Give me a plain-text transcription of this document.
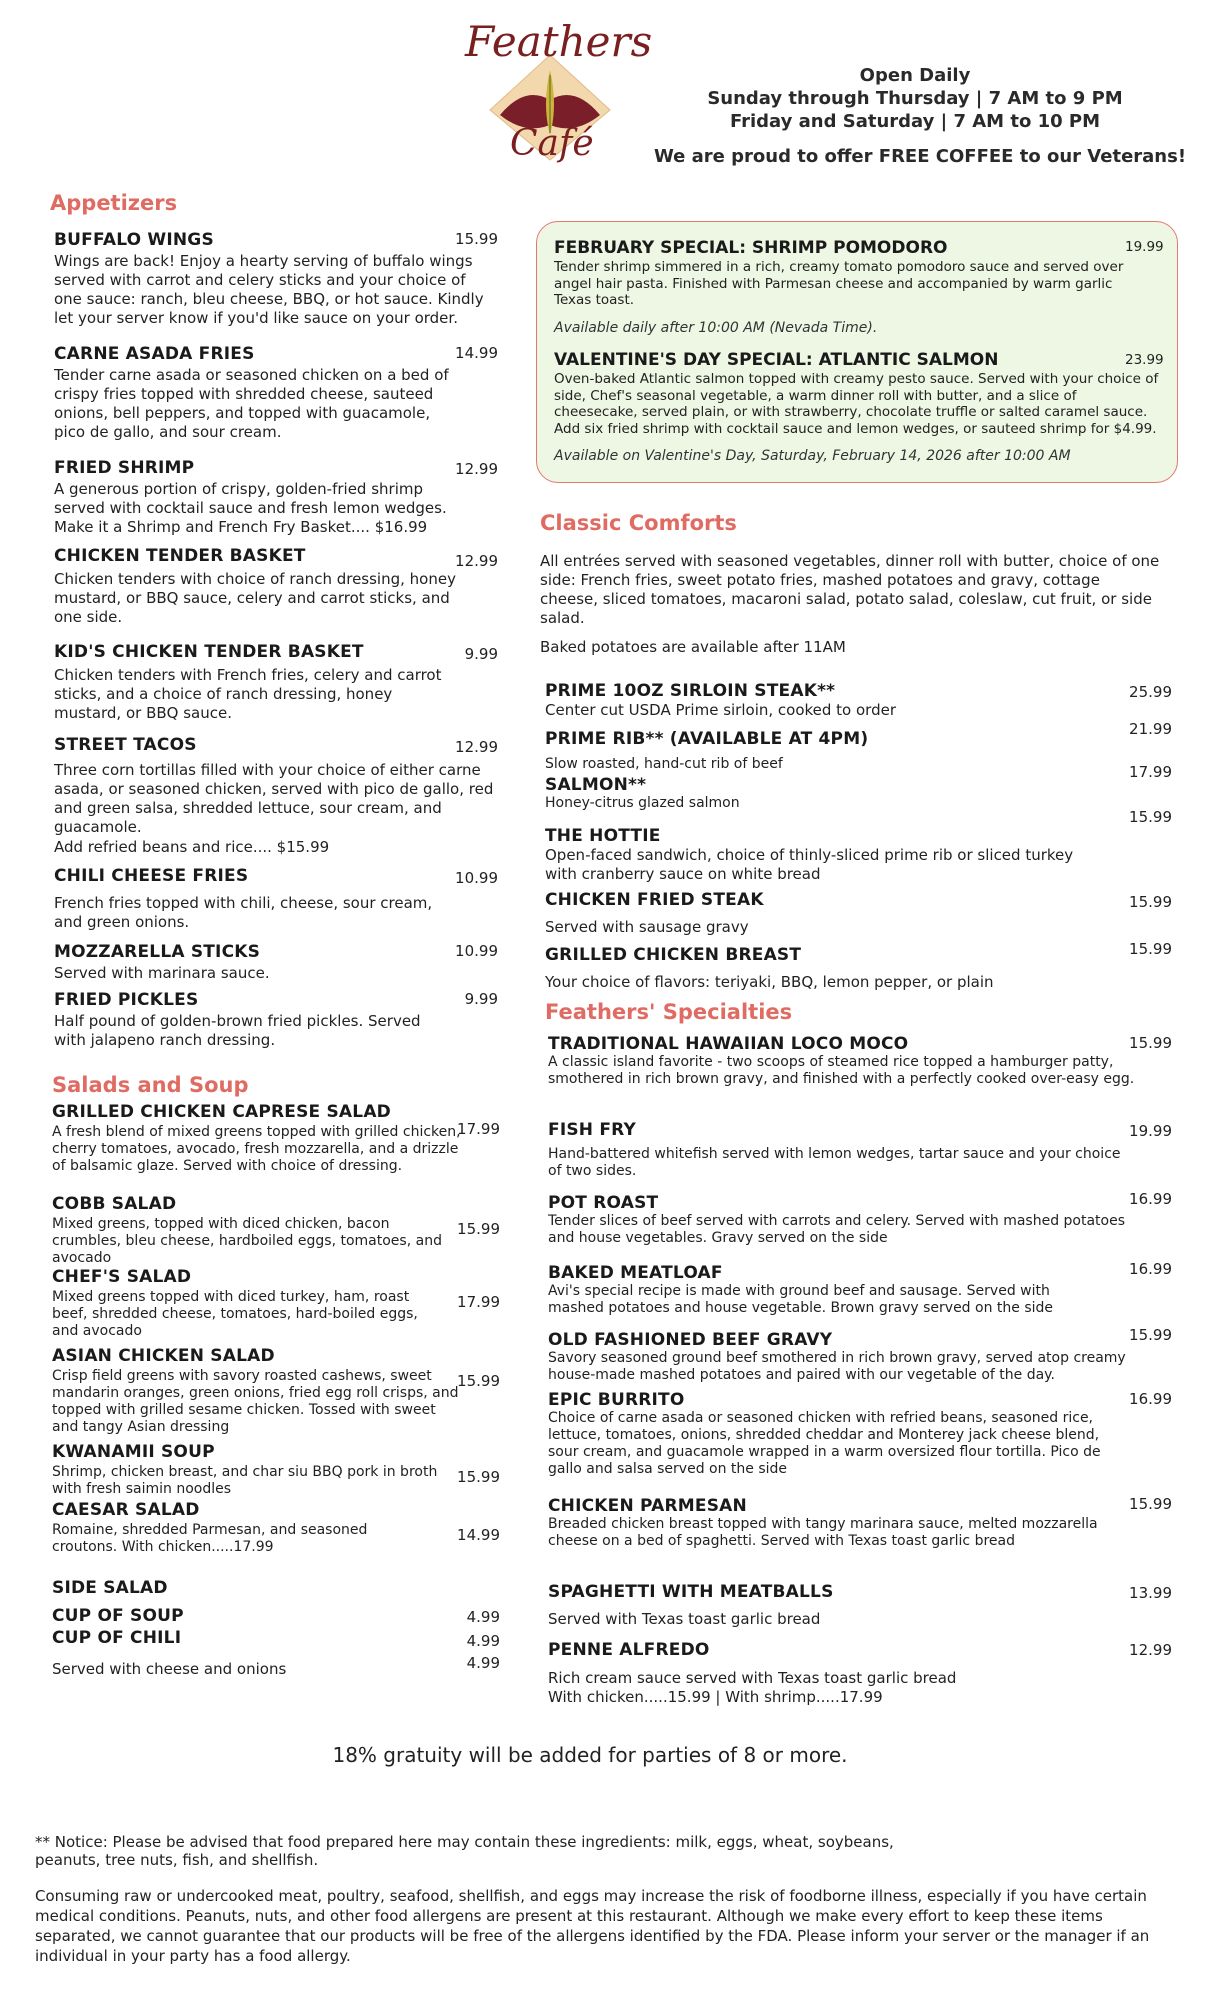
Feathers
Café
Open Daily
Sunday through Thursday | 7 AM to 9 PM
Friday and Saturday | 7 AM to 10 PM
We are proud to offer FREE COFFEE to our Veterans!
Appetizers
BUFFALO WINGS
Wings are back! Enjoy a hearty serving of buffalo wings served with carrot and celery sticks and your choice of one sauce: ranch, bleu cheese, BBQ, or hot sauce. Kindly let your server know if you'd like sauce on your order.
15.99
CARNE ASADA FRIES
Tender carne asada or seasoned chicken on a bed of crispy fries topped with shredded cheese, sauteed onions, bell peppers, and topped with guacamole, pico de gallo, and sour cream.
14.99
FRIED SHRIMP
A generous portion of crispy, golden-fried shrimp served with cocktail sauce and fresh lemon wedges. Make it a Shrimp and French Fry Basket.... $16.99
12.99
CHICKEN TENDER BASKET
Chicken tenders with choice of ranch dressing, honey mustard, or BBQ sauce, celery and carrot sticks, and one side.
12.99
KID'S CHICKEN TENDER BASKET
Chicken tenders with French fries, celery and carrot sticks, and a choice of ranch dressing, honey mustard, or BBQ sauce.
9.99
STREET TACOS
Three corn tortillas filled with your choice of either carne asada, or seasoned chicken, served with pico de gallo, red and green salsa, shredded lettuce, sour cream, and guacamole.
Add refried beans and rice.... $15.99
12.99
CHILI CHEESE FRIES
French fries topped with chili, cheese, sour cream, and green onions.
10.99
MOZZARELLA STICKS
Served with marinara sauce.
10.99
FRIED PICKLES
Half pound of golden-brown fried pickles. Served with jalapeno ranch dressing.
9.99
Salads and Soup
GRILLED CHICKEN CAPRESE SALAD
A fresh blend of mixed greens topped with grilled chicken, cherry tomatoes, avocado, fresh mozzarella, and a drizzle of balsamic glaze. Served with choice of dressing.
17.99
COBB SALAD
Mixed greens, topped with diced chicken, bacon crumbles, bleu cheese, hardboiled eggs, tomatoes, and avocado
15.99
CHEF'S SALAD
Mixed greens topped with diced turkey, ham, roast beef, shredded cheese, tomatoes, hard-boiled eggs, and avocado
17.99
ASIAN CHICKEN SALAD
Crisp field greens with savory roasted cashews, sweet mandarin oranges, green onions, fried egg roll crisps, and topped with grilled sesame chicken. Tossed with sweet and tangy Asian dressing
15.99
KWANAMII SOUP
Shrimp, chicken breast, and char siu BBQ pork in broth with fresh saimin noodles
15.99
CAESAR SALAD
Romaine, shredded Parmesan, and seasoned croutons. With chicken.....17.99
14.99
SIDE SALAD
CUP OF SOUP
CUP OF CHILI
Served with cheese and onions
4.99
4.99
4.99
FEBRUARY SPECIAL: SHRIMP POMODORO	19.99
Tender shrimp simmered in a rich, creamy tomato pomodoro sauce and served over angel hair pasta. Finished with Parmesan cheese and accompanied by warm garlic Texas toast.
Available daily after 10:00 AM (Nevada Time).
VALENTINE'S DAY SPECIAL: ATLANTIC SALMON	23.99
Oven-baked Atlantic salmon topped with creamy pesto sauce. Served with your choice of side, Chef's seasonal vegetable, a warm dinner roll with butter, and a slice of cheesecake, served plain, or with strawberry, chocolate truffle or salted caramel sauce. Add six fried shrimp with cocktail sauce and lemon wedges, or sauteed shrimp for $4.99.
Available on Valentine's Day, Saturday, February 14, 2026 after 10:00 AM
Classic Comforts
All entrées served with seasoned vegetables, dinner roll with butter, choice of one side: French fries, sweet potato fries, mashed potatoes and gravy, cottage cheese, sliced tomatoes, macaroni salad, potato salad, coleslaw, cut fruit, or side salad.
Baked potatoes are available after 11AM
PRIME 10OZ SIRLOIN STEAK**
Center cut USDA Prime sirloin, cooked to order
25.99
PRIME RIB** (AVAILABLE AT 4PM)
Slow roasted, hand-cut rib of beef
21.99
SALMON**
Honey-citrus glazed salmon
17.99
THE HOTTIE
Open-faced sandwich, choice of thinly-sliced prime rib or sliced turkey with cranberry sauce on white bread
15.99
CHICKEN FRIED STEAK
Served with sausage gravy
15.99
GRILLED CHICKEN BREAST
Your choice of flavors: teriyaki, BBQ, lemon pepper, or plain
15.99
Feathers' Specialties
TRADITIONAL HAWAIIAN LOCO MOCO
A classic island favorite - two scoops of steamed rice topped a hamburger patty, smothered in rich brown gravy, and finished with a perfectly cooked over-easy egg.
15.99
FISH FRY
Hand-battered whitefish served with lemon wedges, tartar sauce and your choice of two sides.
19.99
POT ROAST
Tender slices of beef served with carrots and celery. Served with mashed potatoes and house vegetables. Gravy served on the side
16.99
BAKED MEATLOAF
Avi's special recipe is made with ground beef and sausage. Served with mashed potatoes and house vegetable. Brown gravy served on the side
16.99
OLD FASHIONED BEEF GRAVY
Savory seasoned ground beef smothered in rich brown gravy, served atop creamy house-made mashed potatoes and paired with our vegetable of the day.
15.99
EPIC BURRITO
Choice of carne asada or seasoned chicken with refried beans, seasoned rice, lettuce, tomatoes, onions, shredded cheddar and Monterey jack cheese blend, sour cream, and guacamole wrapped in a warm oversized flour tortilla. Pico de gallo and salsa served on the side
16.99
CHICKEN PARMESAN
Breaded chicken breast topped with tangy marinara sauce, melted mozzarella cheese on a bed of spaghetti. Served with Texas toast garlic bread
15.99
SPAGHETTI WITH MEATBALLS
Served with Texas toast garlic bread
13.99
PENNE ALFREDO
Rich cream sauce served with Texas toast garlic bread
With chicken.....15.99 | With shrimp.....17.99
12.99
18% gratuity will be added for parties of 8 or more.
** Notice: Please be advised that food prepared here may contain these ingredients: milk, eggs, wheat, soybeans, peanuts, tree nuts, fish, and shellfish.
Consuming raw or undercooked meat, poultry, seafood, shellfish, and eggs may increase the risk of foodborne illness, especially if you have certain medical conditions. Peanuts, nuts, and other food allergens are present at this restaurant. Although we make every effort to keep these items separated, we cannot guarantee that our products will be free of the allergens identified by the FDA. Please inform your server or the manager if an individual in your party has a food allergy.
